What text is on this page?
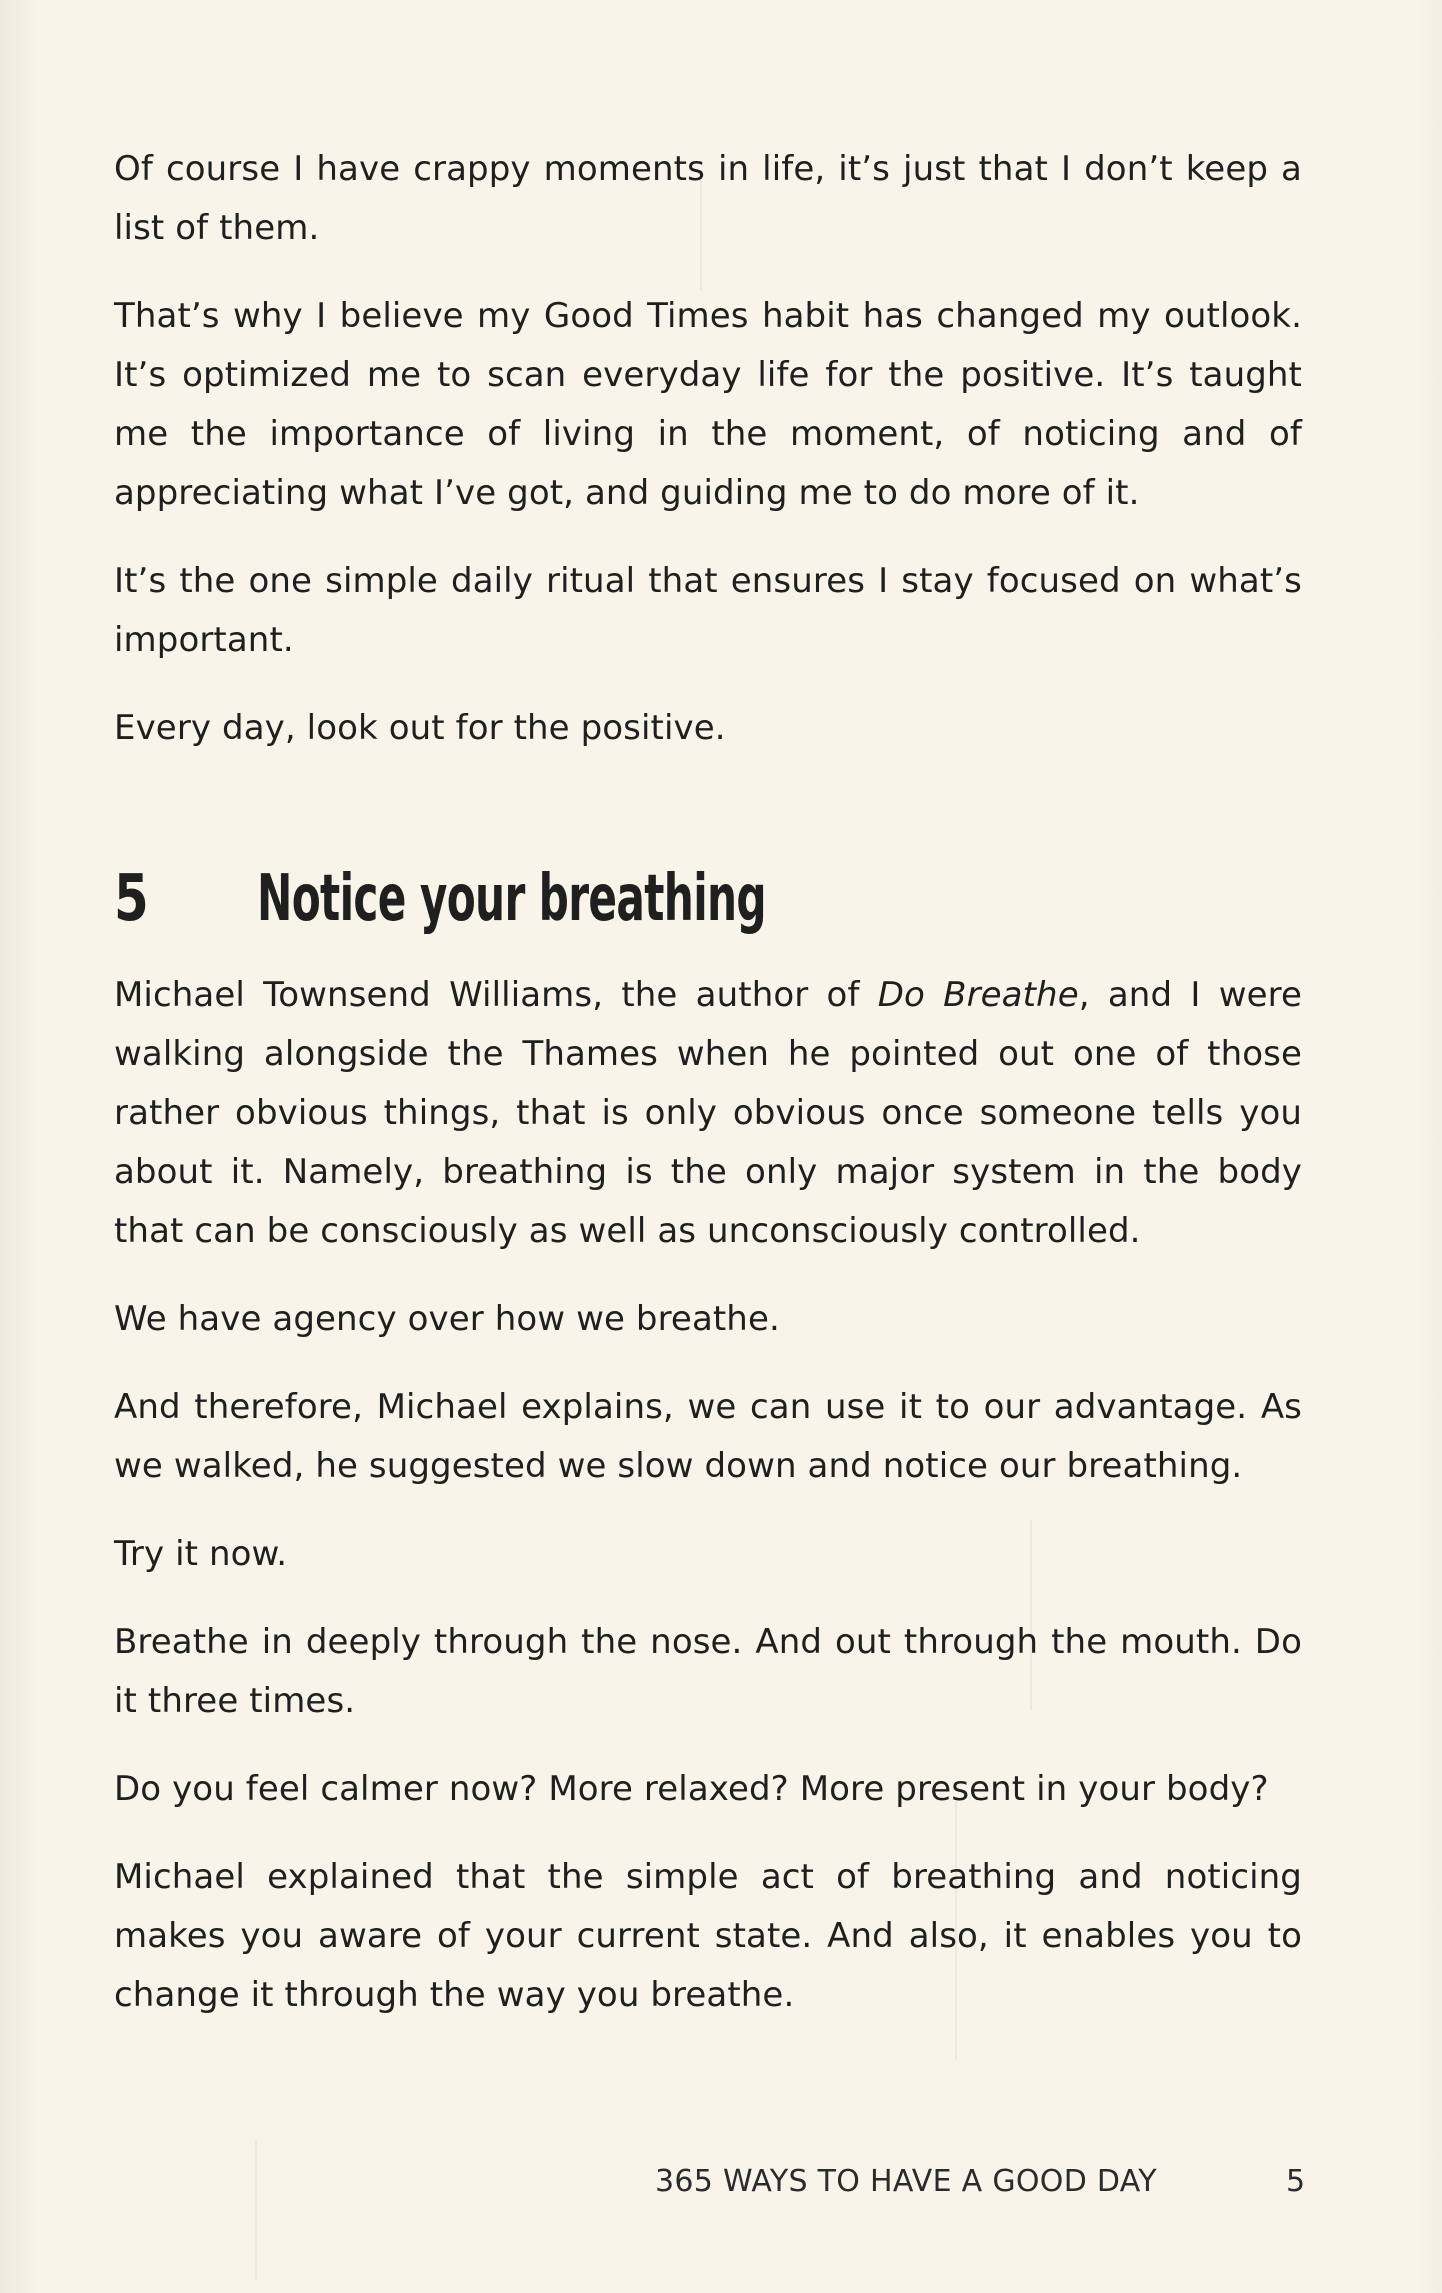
Of course I have crappy moments in life, it’s just that I don’t keep a list of them.

That’s why I believe my Good Times habit has changed my outlook. It’s optimized me to scan everyday life for the positive. It’s taught me the importance of living in the moment, of noticing and of appreciating what I’ve got, and guiding me to do more of it.

It’s the one simple daily ritual that ensures I stay focused on what’s important.

Every day, look out for the positive.

5	Notice your breathing

Michael Townsend Williams, the author of Do Breathe, and I were walking alongside the Thames when he pointed out one of those rather obvious things, that is only obvious once someone tells you about it. Namely, breathing is the only major system in the body that can be consciously as well as unconsciously controlled.

We have agency over how we breathe.

And therefore, Michael explains, we can use it to our advantage. As we walked, he suggested we slow down and notice our breathing.

Try it now.

Breathe in deeply through the nose. And out through the mouth. Do it three times.

Do you feel calmer now? More relaxed? More present in your body?

Michael explained that the simple act of breathing and noticing makes you aware of your current state. And also, it enables you to change it through the way you breathe.

365 WAYS TO HAVE A GOOD DAY	5
